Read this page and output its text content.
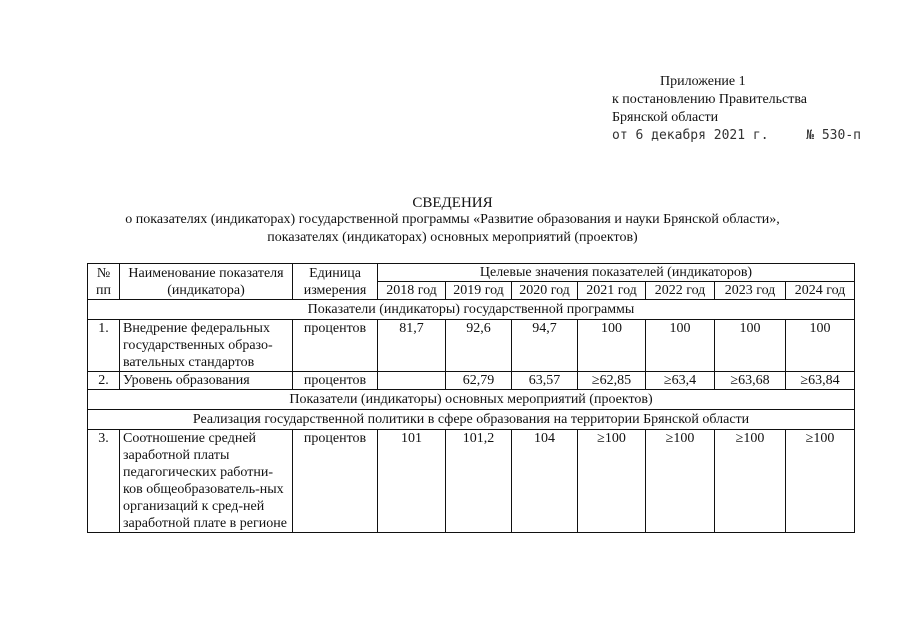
Приложение 1
к постановлению Правительства
Брянской области
от 6 декабря 2021 г.	№ 530-п
СВЕДЕНИЯ
о показателях (индикаторах) государственной программы «Развитие образования и науки Брянской области»,
показателях (индикаторах) основных мероприятий (проектов)
№ пп	Наименование показателя (индикатора)	Единица измерения	Целевые значения показателей (индикаторов)						
			2018 год	2019 год	2020 год	2021 год	2022 год	2023 год	2024 год
Показатели (индикаторы) государственной программы									
1.	Внедрение федеральных государственных образо-вательных стандартов	процентов	81,7	92,6	94,7	100	100	100	100
2.	Уровень образования	процентов		62,79	63,57	≥62,85	≥63,4	≥63,68	≥63,84
Показатели (индикаторы) основных мероприятий (проектов)									
Реализация государственной политики в сфере образования на территории Брянской области									
3.	Соотношение средней заработной платы педагогических работни-ков общеобразователь-ных организаций к сред-ней заработной плате в регионе	процентов	101	101,2	104	≥100	≥100	≥100	≥100
